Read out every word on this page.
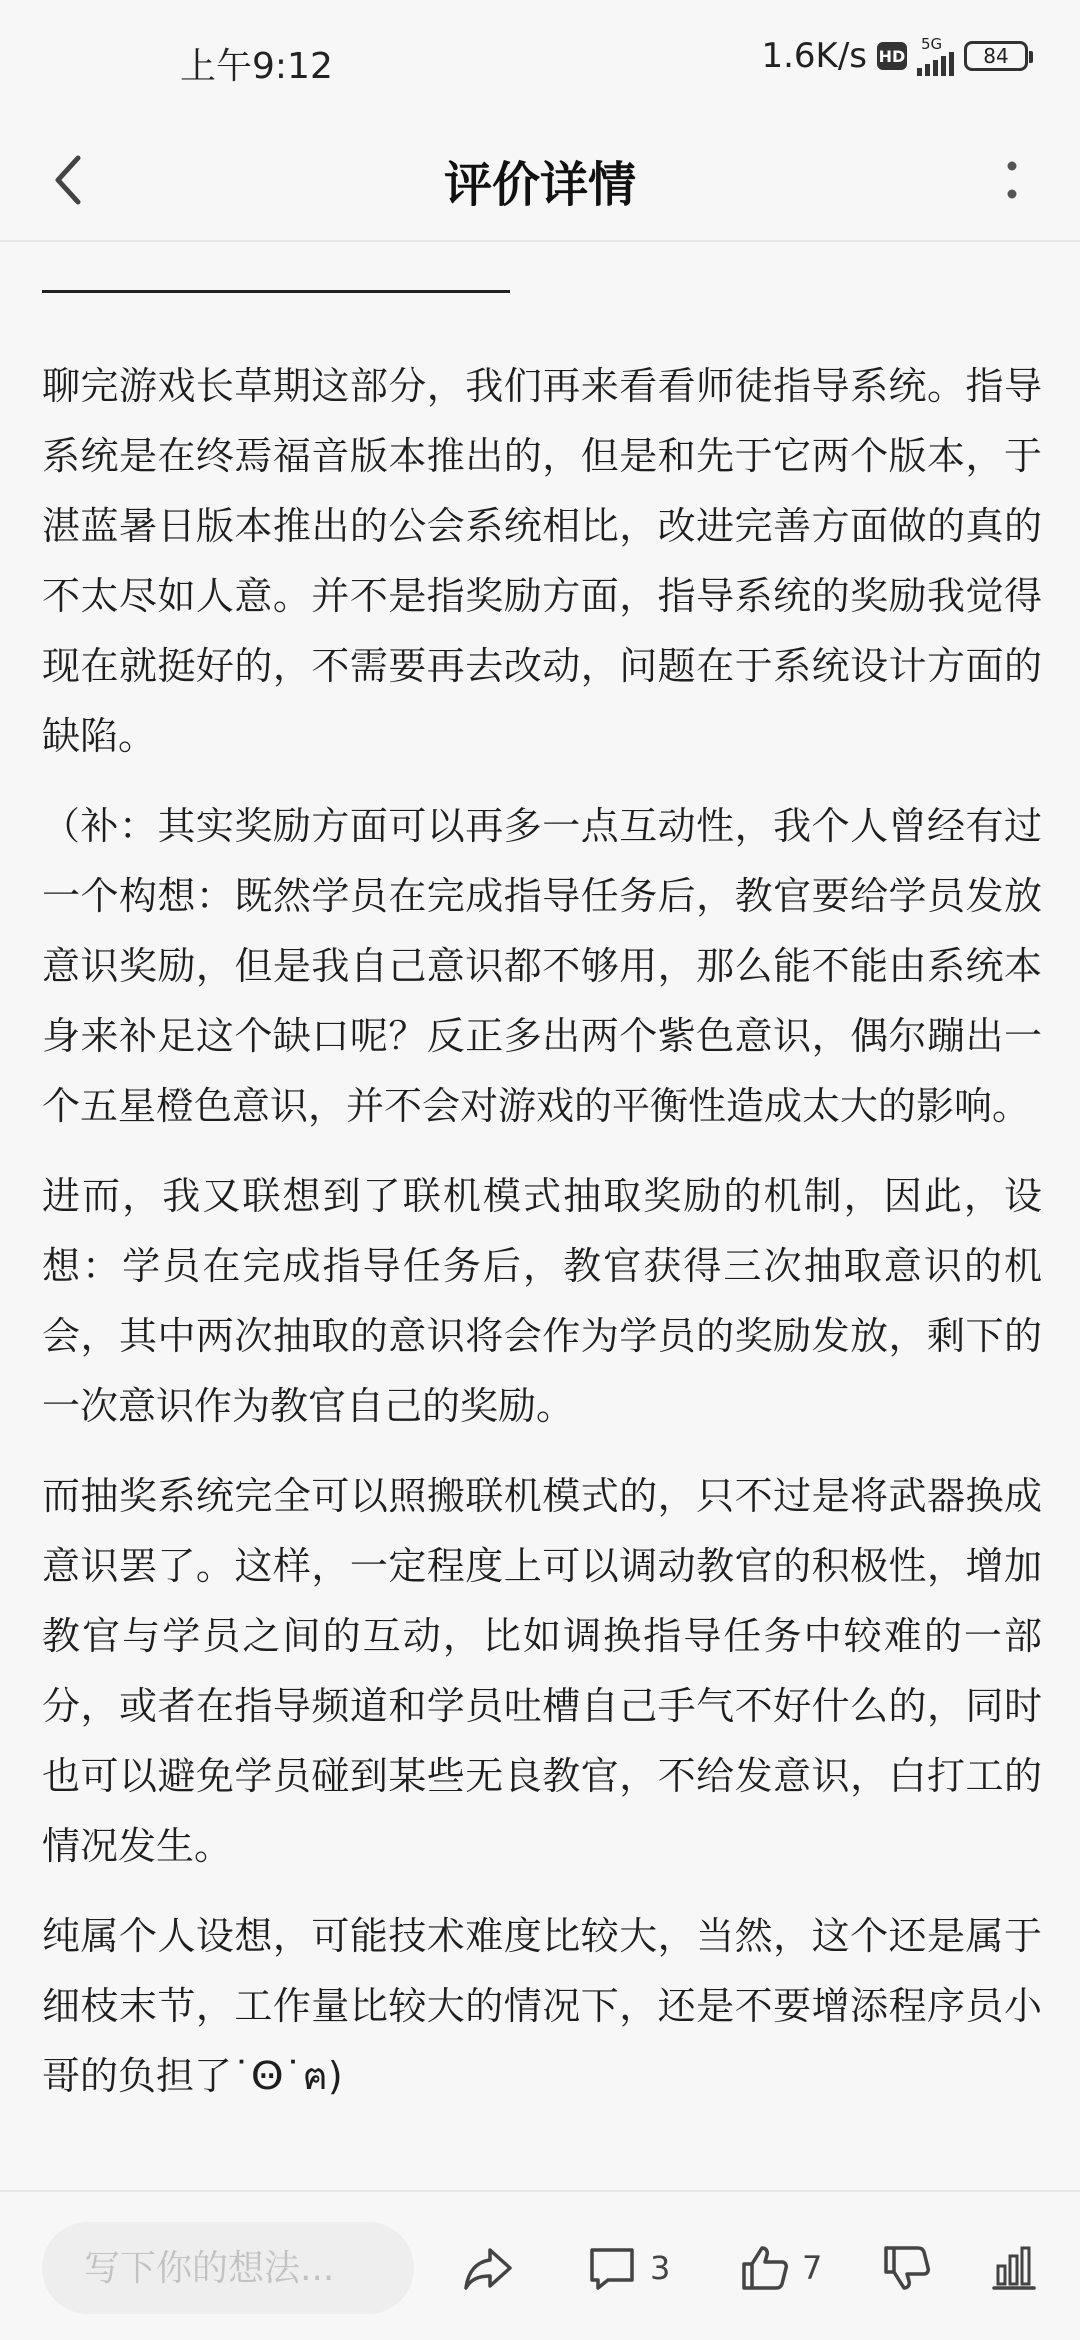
上午9:12	1.6K/s HD
5G
84
评价详情

聊完游戏长草期这部分，我们再来看看师徒指导系统。指导系统是在终焉福音版本推出的，但是和先于它两个版本，于湛蓝暑日版本推出的公会系统相比，改进完善方面做的真的不太尽如人意。并不是指奖励方面，指导系统的奖励我觉得现在就挺好的，不需要再去改动，问题在于系统设计方面的缺陷。

（补：其实奖励方面可以再多一点互动性，我个人曾经有过一个构想：既然学员在完成指导任务后，教官要给学员发放意识奖励，但是我自己意识都不够用，那么能不能由系统本身来补足这个缺口呢？反正多出两个紫色意识，偶尔蹦出一个五星橙色意识，并不会对游戏的平衡性造成太大的影响。

进而，我又联想到了联机模式抽取奖励的机制，因此，设想：学员在完成指导任务后，教官获得三次抽取意识的机会，其中两次抽取的意识将会作为学员的奖励发放，剩下的一次意识作为教官自己的奖励。

而抽奖系统完全可以照搬联机模式的，只不过是将武器换成意识罢了。这样，一定程度上可以调动教官的积极性，增加教官与学员之间的互动，比如调换指导任务中较难的一部分，或者在指导频道和学员吐槽自己手气不好什么的，同时也可以避免学员碰到某些无良教官，不给发意识，白打工的情况发生。

纯属个人设想，可能技术难度比较大，当然，这个还是属于细枝末节，工作量比较大的情况下，还是不要增添程序员小哥的负担了˙Ꙫ˙ฅ)

写下你的想法...
3	7
